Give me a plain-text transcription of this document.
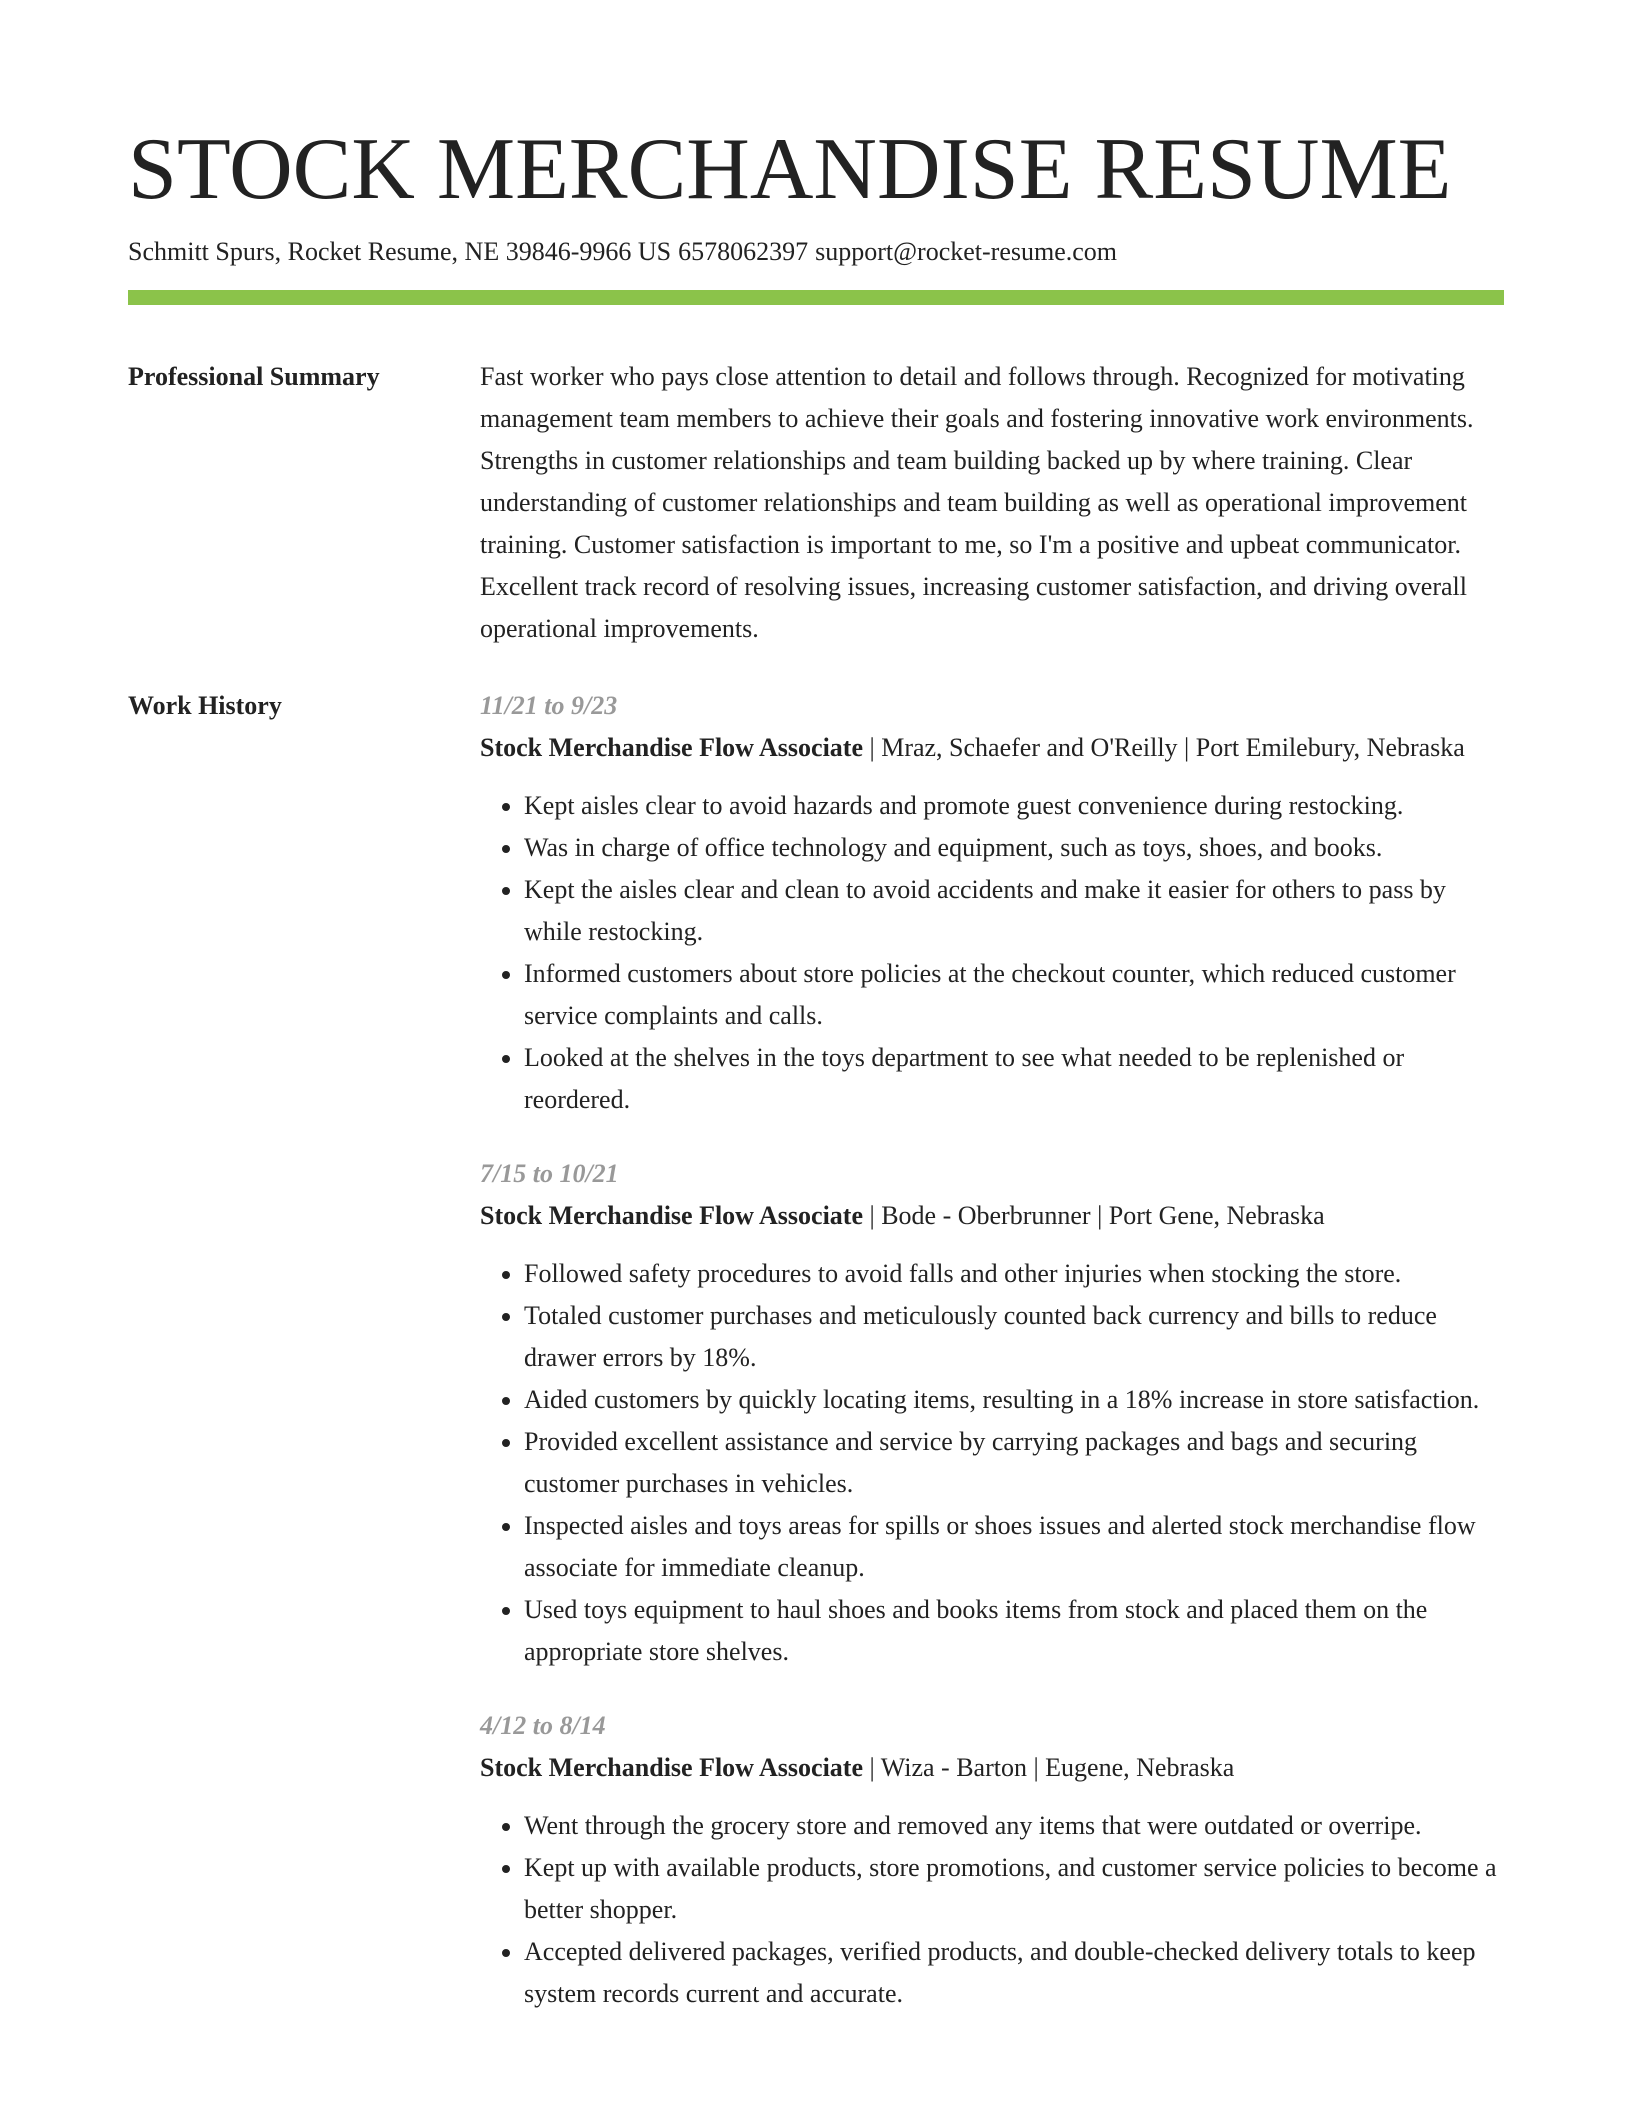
STOCK MERCHANDISE RESUME
Schmitt Spurs, Rocket Resume, NE 39846-9966 US 6578062397 support@rocket-resume.com
Professional Summary	Fast worker who pays close attention to detail and follows through. Recognized for motivating management team members to achieve their goals and fostering innovative work environments. Strengths in customer relationships and team building backed up by where training. Clear understanding of customer relationships and team building as well as operational improvement training. Customer satisfaction is important to me, so I'm a positive and upbeat communicator. Excellent track record of resolving issues, increasing customer satisfaction, and driving overall operational improvements.

Work History	11/21 to 9/23
Stock Merchandise Flow Associate | Mraz, Schaefer and O'Reilly | Port Emilebury, Nebraska
• Kept aisles clear to avoid hazards and promote guest convenience during restocking.
• Was in charge of office technology and equipment, such as toys, shoes, and books.
• Kept the aisles clear and clean to avoid accidents and make it easier for others to pass by while restocking.
• Informed customers about store policies at the checkout counter, which reduced customer service complaints and calls.
• Looked at the shelves in the toys department to see what needed to be replenished or reordered.
7/15 to 10/21
Stock Merchandise Flow Associate | Bode - Oberbrunner | Port Gene, Nebraska
• Followed safety procedures to avoid falls and other injuries when stocking the store.
• Totaled customer purchases and meticulously counted back currency and bills to reduce drawer errors by 18%.
• Aided customers by quickly locating items, resulting in a 18% increase in store satisfaction.
• Provided excellent assistance and service by carrying packages and bags and securing customer purchases in vehicles.
• Inspected aisles and toys areas for spills or shoes issues and alerted stock merchandise flow associate for immediate cleanup.
• Used toys equipment to haul shoes and books items from stock and placed them on the appropriate store shelves.
4/12 to 8/14
Stock Merchandise Flow Associate | Wiza - Barton | Eugene, Nebraska
• Went through the grocery store and removed any items that were outdated or overripe.
• Kept up with available products, store promotions, and customer service policies to become a better shopper.
• Accepted delivered packages, verified products, and double-checked delivery totals to keep system records current and accurate.
